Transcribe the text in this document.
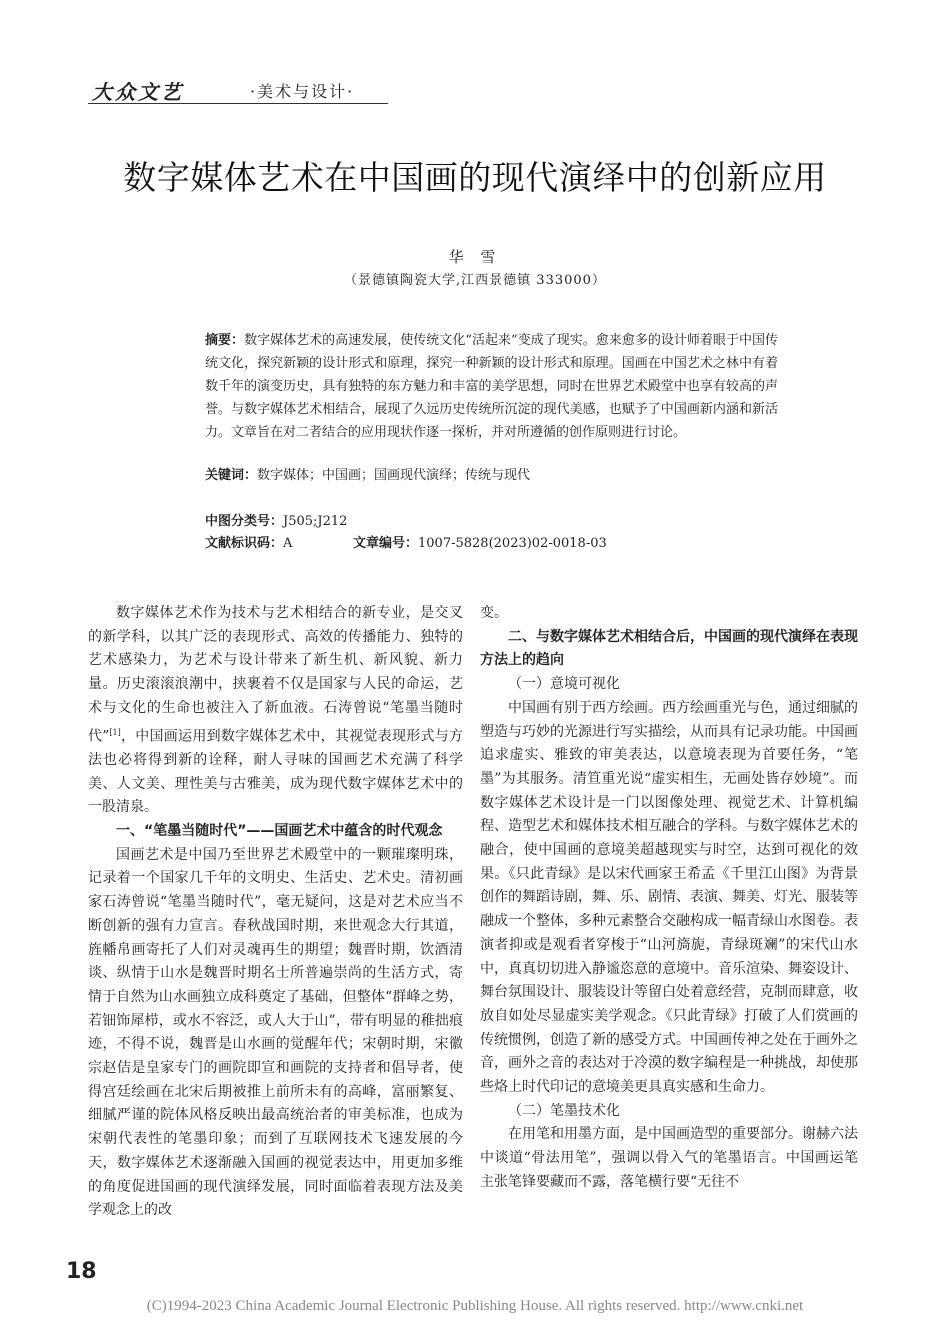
大众文艺	·美术与设计·
数字媒体艺术在中国画的现代演绎中的创新应用
华 雪
（景德镇陶瓷大学,江西景德镇 333000）
摘要：数字媒体艺术的高速发展，使传统文化“活起来”变成了现实。愈来愈多的设计师着眼于中国传统文化，探究新颖的设计形式和原理，探究一种新颖的设计形式和原理。国画在中国艺术之林中有着数千年的演变历史，具有独特的东方魅力和丰富的美学思想，同时在世界艺术殿堂中也享有较高的声誉。与数字媒体艺术相结合，展现了久远历史传统所沉淀的现代美感，也赋予了中国画新内涵和新活力。文章旨在对二者结合的应用现状作逐一探析，并对所遵循的创作原则进行讨论。
关键词：数字媒体；中国画；国画现代演绎；传统与现代
中图分类号：J505;J212
文献标识码：A	文章编号：1007-5828(2023)02-0018-03

数字媒体艺术作为技术与艺术相结合的新专业，是交叉的新学科，以其广泛的表现形式、高效的传播能力、独特的艺术感染力，为艺术与设计带来了新生机、新风貌、新力量。历史滚滚浪潮中，挟裹着不仅是国家与人民的命运，艺术与文化的生命也被注入了新血液。石涛曾说“笔墨当随时代”[1]，中国画运用到数字媒体艺术中，其视觉表现形式与方法也必将得到新的诠释，耐人寻味的国画艺术充满了科学美、人文美、理性美与古雅美，成为现代数字媒体艺术中的一股清泉。

一、“笔墨当随时代”——国画艺术中蕴含的时代观念

国画艺术是中国乃至世界艺术殿堂中的一颗璀璨明珠，记录着一个国家几千年的文明史、生活史、艺术史。清初画家石涛曾说“笔墨当随时代”，毫无疑问，这是对艺术应当不断创新的强有力宣言。春秋战国时期，来世观念大行其道，旌幡帛画寄托了人们对灵魂再生的期望；魏晋时期，饮酒清谈、纵情于山水是魏晋时期名士所普遍崇尚的生活方式，寄情于自然为山水画独立成科奠定了基础，但整体“群峰之势，若钿饰犀栉，或水不容泛，或人大于山”，带有明显的稚拙痕迹，不得不说，魏晋是山水画的觉醒年代；宋朝时期，宋徽宗赵佶是皇家专门的画院即宣和画院的支持者和倡导者，使得宫廷绘画在北宋后期被推上前所未有的高峰，富丽繁复、细腻严谨的院体风格反映出最高统治者的审美标准，也成为宋朝代表性的笔墨印象；而到了互联网技术飞速发展的今天，数字媒体艺术逐渐融入国画的视觉表达中，用更加多维的角度促进国画的现代演绎发展，同时面临着表现方法及美学观念上的改

变。

二、与数字媒体艺术相结合后，中国画的现代演绎在表现方法上的趋向
（一）意境可视化

中国画有别于西方绘画。西方绘画重光与色，通过细腻的塑造与巧妙的光源进行写实描绘，从而具有记录功能。中国画追求虚实、雅致的审美表达，以意境表现为首要任务，“笔墨”为其服务。清笪重光说“虚实相生，无画处皆存妙境”。而数字媒体艺术设计是一门以图像处理、视觉艺术、计算机编程、造型艺术和媒体技术相互融合的学科。与数字媒体艺术的融合，使中国画的意境美超越现实与时空，达到可视化的效果。《只此青绿》是以宋代画家王希孟《千里江山图》为背景创作的舞蹈诗剧，舞、乐、剧情、表演、舞美、灯光、服装等融成一个整体，多种元素整合交融构成一幅青绿山水图卷。表演者抑或是观看者穿梭于“山河旖旎，青绿斑斓”的宋代山水中，真真切切进入静谧恣意的意境中。音乐渲染、舞姿设计、舞台氛围设计、服装设计等留白处着意经营，克制而肆意，收放自如处尽显虚实美学观念。《只此青绿》打破了人们赏画的传统惯例，创造了新的感受方式。中国画传神之处在于画外之音，画外之音的表达对于冷漠的数字编程是一种挑战，却使那些烙上时代印记的意境美更具真实感和生命力。

（二）笔墨技术化

在用笔和用墨方面，是中国画造型的重要部分。谢赫六法中谈道“骨法用笔”，强调以骨入气的笔墨语言。中国画运笔主张笔锋要藏而不露，落笔横行要“无往不

18
(C)1994-2023 China Academic Journal Electronic Publishing House. All rights reserved. http://www.cnki.net
